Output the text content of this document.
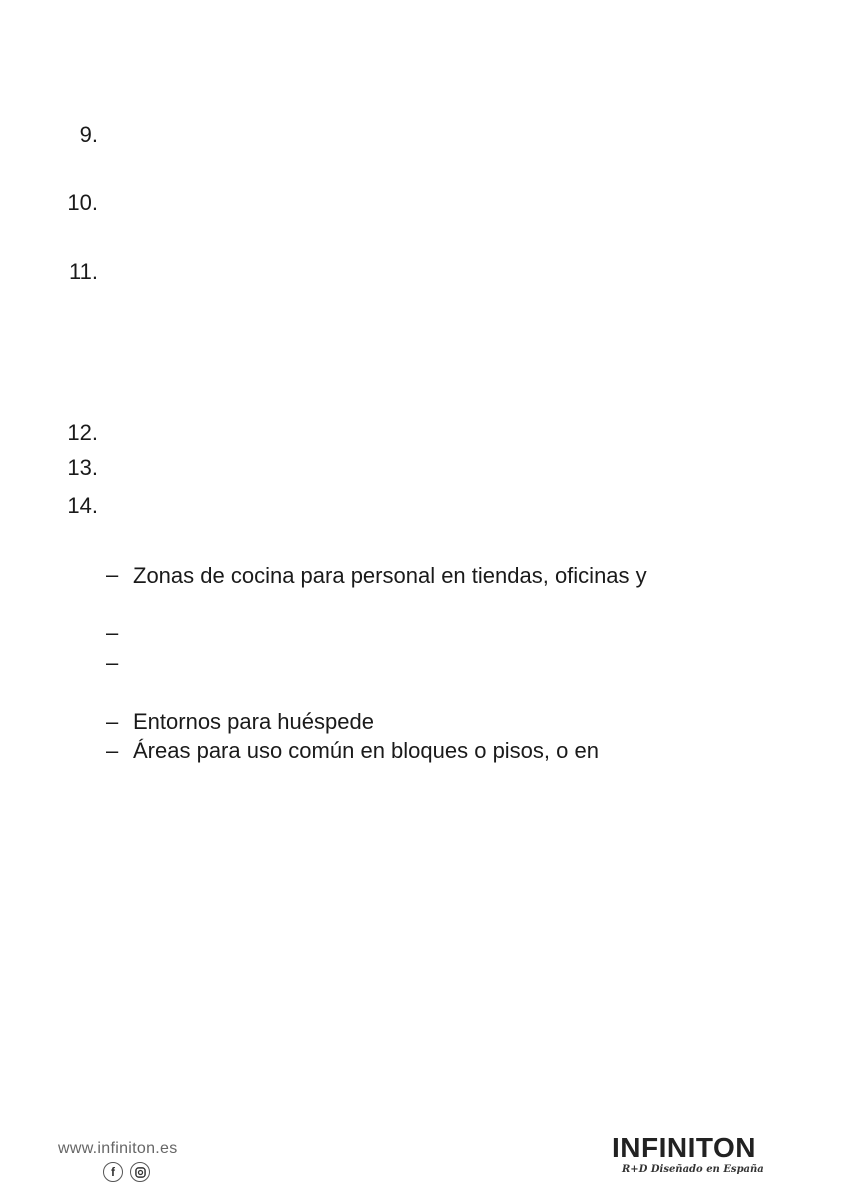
9.
10.
11.
12.
13.
14.
– Zonas de cocina para personal en tiendas, oficinas y
–
–
– Entornos para huéspede
– Áreas para uso común en bloques o pisos, o en
www.infiniton.es
f
INFINITON
R+D Diseñado en España
